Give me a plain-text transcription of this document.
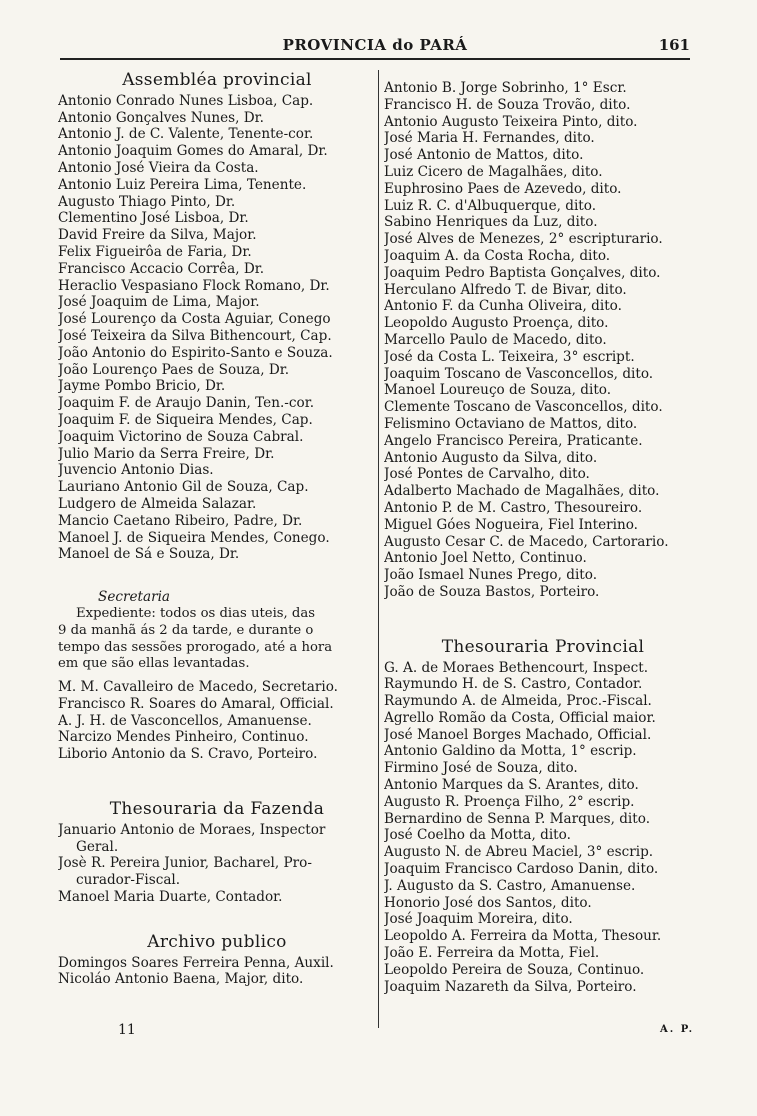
PROVINCIA do PARÁ	161
Assembléa provincial
Antonio Conrado Nunes Lisboa, Cap.
Antonio Gonçalves Nunes, Dr.
Antonio J. de C. Valente, Tenente-cor.
Antonio Joaquim Gomes do Amaral, Dr.
Antonio José Vieira da Costa.
Antonio Luiz Pereira Lima, Tenente.
Augusto Thiago Pinto, Dr.
Clementino José Lisboa, Dr.
David Freire da Silva, Major.
Felix Figueirôa de Faria, Dr.
Francisco Accacio Corrêa, Dr.
Heraclio Vespasiano Flock Romano, Dr.
José Joaquim de Lima, Major.
José Lourenço da Costa Aguiar, Conego
José Teixeira da Silva Bithencourt, Cap.
João Antonio do Espirito-Santo e Souza.
João Lourenço Paes de Souza, Dr.
Jayme Pombo Bricio, Dr.
Joaquim F. de Araujo Danin, Ten.-cor.
Joaquim F. de Siqueira Mendes, Cap.
Joaquim Victorino de Souza Cabral.
Julio Mario da Serra Freire, Dr.
Juvencio Antonio Dias.
Lauriano Antonio Gil de Souza, Cap.
Ludgero de Almeida Salazar.
Mancio Caetano Ribeiro, Padre, Dr.
Manoel J. de Siqueira Mendes, Conego.
Manoel de Sá e Souza, Dr.
Secretaria
Expediente: todos os dias uteis, das
9 da manhã ás 2 da tarde, e durante o
tempo das sessões prorogado, até a hora
em que são ellas levantadas.
M. M. Cavalleiro de Macedo, Secretario.
Francisco R. Soares do Amaral, Official.
A. J. H. de Vasconcellos, Amanuense.
Narcizo Mendes Pinheiro, Continuo.
Liborio Antonio da S. Cravo, Porteiro.
Thesouraria da Fazenda
Januario Antonio de Moraes, Inspector
Geral.
Josè R. Pereira Junior, Bacharel, Pro-
curador-Fiscal.
Manoel Maria Duarte, Contador.
Archivo publico
Domingos Soares Ferreira Penna, Auxil.
Nicoláo Antonio Baena, Major, dito.
Antonio B. Jorge Sobrinho, 1° Escr.
Francisco H. de Souza Trovão, dito.
Antonio Augusto Teixeira Pinto, dito.
José Maria H. Fernandes, dito.
José Antonio de Mattos, dito.
Luiz Cicero de Magalhães, dito.
Euphrosino Paes de Azevedo, dito.
Luiz R. C. d'Albuquerque, dito.
Sabino Henriques da Luz, dito.
José Alves de Menezes, 2° escripturario.
Joaquim A. da Costa Rocha, dito.
Joaquim Pedro Baptista Gonçalves, dito.
Herculano Alfredo T. de Bivar, dito.
Antonio F. da Cunha Oliveira, dito.
Leopoldo Augusto Proença, dito.
Marcello Paulo de Macedo, dito.
José da Costa L. Teixeira, 3° escript.
Joaquim Toscano de Vasconcellos, dito.
Manoel Loureuço de Souza, dito.
Clemente Toscano de Vasconcellos, dito.
Felismino Octaviano de Mattos, dito.
Angelo Francisco Pereira, Praticante.
Antonio Augusto da Silva, dito.
José Pontes de Carvalho, dito.
Adalberto Machado de Magalhães, dito.
Antonio P. de M. Castro, Thesoureiro.
Miguel Góes Nogueira, Fiel Interino.
Augusto Cesar C. de Macedo, Cartorario.
Antonio Joel Netto, Continuo.
João Ismael Nunes Prego, dito.
João de Souza Bastos, Porteiro.
Thesouraria Provincial
G. A. de Moraes Bethencourt, Inspect.
Raymundo H. de S. Castro, Contador.
Raymundo A. de Almeida, Proc.-Fiscal.
Agrello Romão da Costa, Official maior.
José Manoel Borges Machado, Official.
Antonio Galdino da Motta, 1° escrip.
Firmino José de Souza, dito.
Antonio Marques da S. Arantes, dito.
Augusto R. Proença Filho, 2° escrip.
Bernardino de Senna P. Marques, dito.
José Coelho da Motta, dito.
Augusto N. de Abreu Maciel, 3° escrip.
Joaquim Francisco Cardoso Danin, dito.
J. Augusto da S. Castro, Amanuense.
Honorio José dos Santos, dito.
José Joaquim Moreira, dito.
Leopoldo A. Ferreira da Motta, Thesour.
João E. Ferreira da Motta, Fiel.
Leopoldo Pereira de Souza, Continuo.
Joaquim Nazareth da Silva, Porteiro.
11	A. P.
